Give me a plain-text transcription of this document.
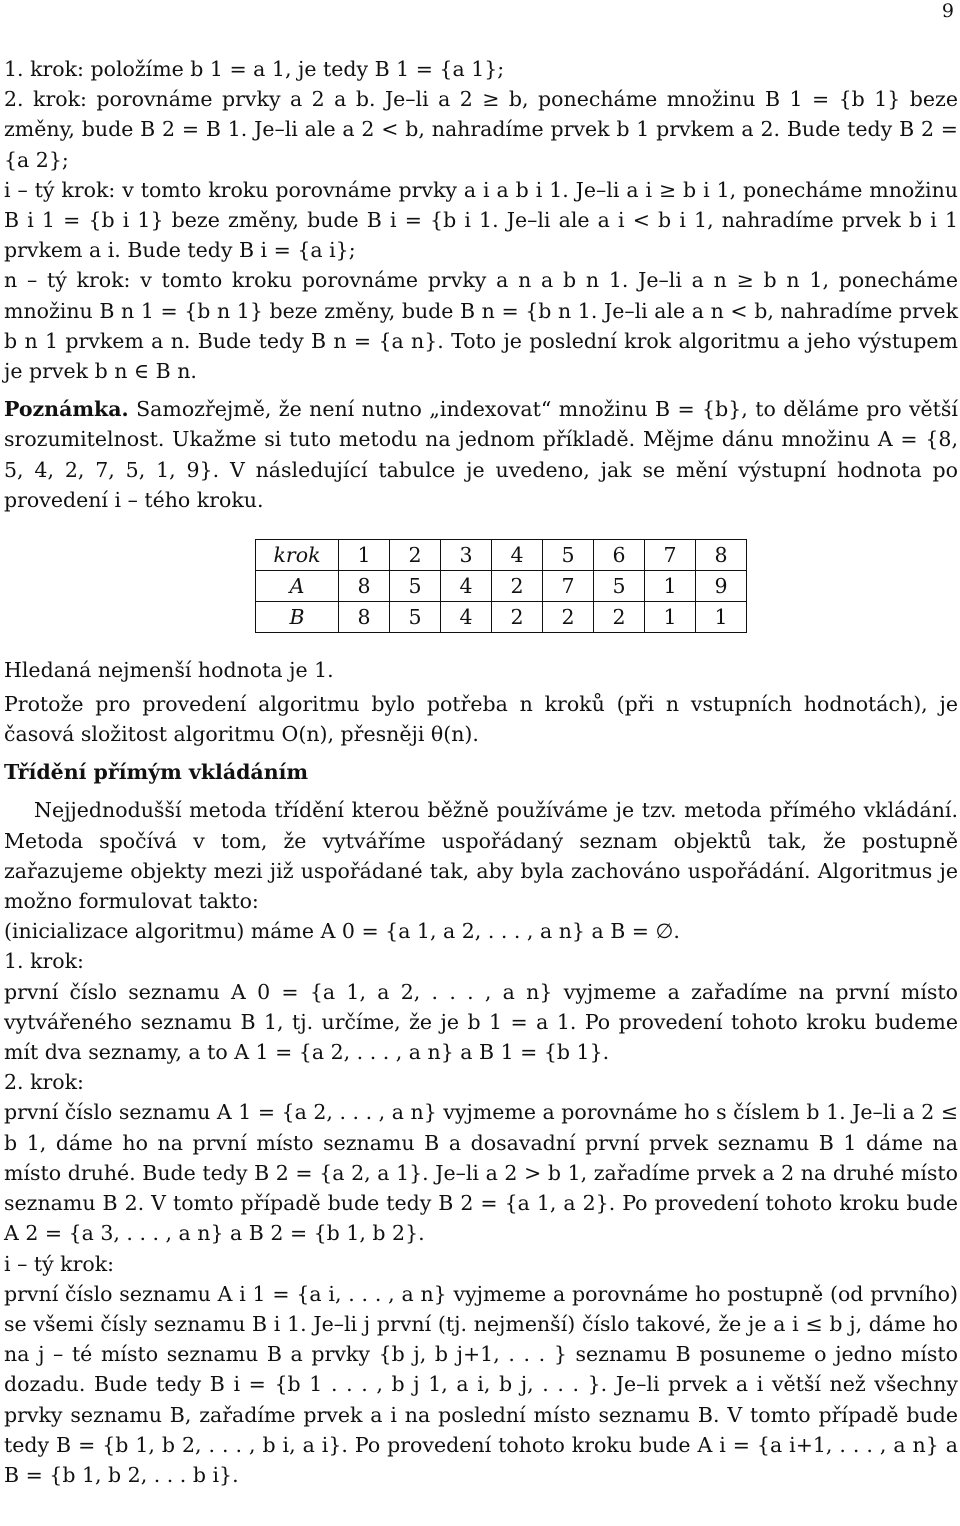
9

1. krok: položíme b 1 = a 1, je tedy B 1 = {a 1};

2. krok: porovnáme prvky a 2 a b. Je–li a 2 ≥ b, ponecháme množinu B 1 = {b 1} beze změny, bude B 2 = B 1. Je–li ale a 2 < b, nahradíme prvek b 1 prvkem a 2. Bude tedy B 2 = {a 2};

i – tý krok: v tomto kroku porovnáme prvky a i a b i 1. Je–li a i ≥ b i 1, ponecháme množinu B i 1 = {b i 1} beze změny, bude B i = {b i 1. Je–li ale a i < b i 1, nahradíme prvek b i 1 prvkem a i. Bude tedy B i = {a i};

n – tý krok: v tomto kroku porovnáme prvky a n a b n 1. Je–li a n ≥ b n 1, ponecháme množinu B n 1 = {b n 1} beze změny, bude B n = {b n 1. Je–li ale a n < b, nahradíme prvek b n 1 prvkem a n. Bude tedy B n = {a n}. Toto je poslední krok algoritmu a jeho výstupem je prvek b n ∈ B n.

Poznámka. Samozřejmě, že není nutno „indexovat“ množinu B = {b}, to děláme pro větší srozumitelnost. Ukažme si tuto metodu na jednom příkladě. Mějme dánu množinu A = {8, 5, 4, 2, 7, 5, 1, 9}. V následující tabulce je uvedeno, jak se mění výstupní hodnota po provedení i – tého kroku.

krok	1	2	3	4	5	6	7	8
A	8	5	4	2	7	5	1	9
B	8	5	4	2	2	2	1	1

Hledaná nejmenší hodnota je 1.

Protože pro provedení algoritmu bylo potřeba n kroků (při n vstupních hodnotách), je časová složitost algoritmu O(n), přesněji θ(n).

Třídění přímým vkládáním

Nejjednodušší metoda třídění kterou běžně používáme je tzv. metoda přímého vkládání. Metoda spočívá v tom, že vytváříme uspořádaný seznam objektů tak, že postupně zařazujeme objekty mezi již uspořádané tak, aby byla zachováno uspořádání. Algoritmus je možno formulovat takto:

(inicializace algoritmu) máme A 0 = {a 1, a 2, . . . , a n} a B = ∅.

1. krok:

první číslo seznamu A 0 = {a 1, a 2, . . . , a n} vyjmeme a zařadíme na první místo vytvářeného seznamu B 1, tj. určíme, že je b 1 = a 1. Po provedení tohoto kroku budeme mít dva seznamy, a to A 1 = {a 2, . . . , a n} a B 1 = {b 1}.

2. krok:

první číslo seznamu A 1 = {a 2, . . . , a n} vyjmeme a porovnáme ho s číslem b 1. Je–li a 2 ≤ b 1, dáme ho na první místo seznamu B a dosavadní první prvek seznamu B 1 dáme na místo druhé. Bude tedy B 2 = {a 2, a 1}. Je–li a 2 > b 1, zařadíme prvek a 2 na druhé místo seznamu B 2. V tomto případě bude tedy B 2 = {a 1, a 2}. Po provedení tohoto kroku bude A 2 = {a 3, . . . , a n} a B 2 = {b 1, b 2}.

i – tý krok:

první číslo seznamu A i 1 = {a i, . . . , a n} vyjmeme a porovnáme ho postupně (od prvního) se všemi čísly seznamu B i 1. Je–li j první (tj. nejmenší) číslo takové, že je a i ≤ b j, dáme ho na j – té místo seznamu B a prvky {b j, b j+1, . . . } seznamu B posuneme o jedno místo dozadu. Bude tedy B i = {b 1 . . . , b j 1, a i, b j, . . . }. Je–li prvek a i větší než všechny prvky seznamu B, zařadíme prvek a i na poslední místo seznamu B. V tomto případě bude tedy B = {b 1, b 2, . . . , b i, a i}. Po provedení tohoto kroku bude A i = {a i+1, . . . , a n} a B = {b 1, b 2, . . . b i}.
